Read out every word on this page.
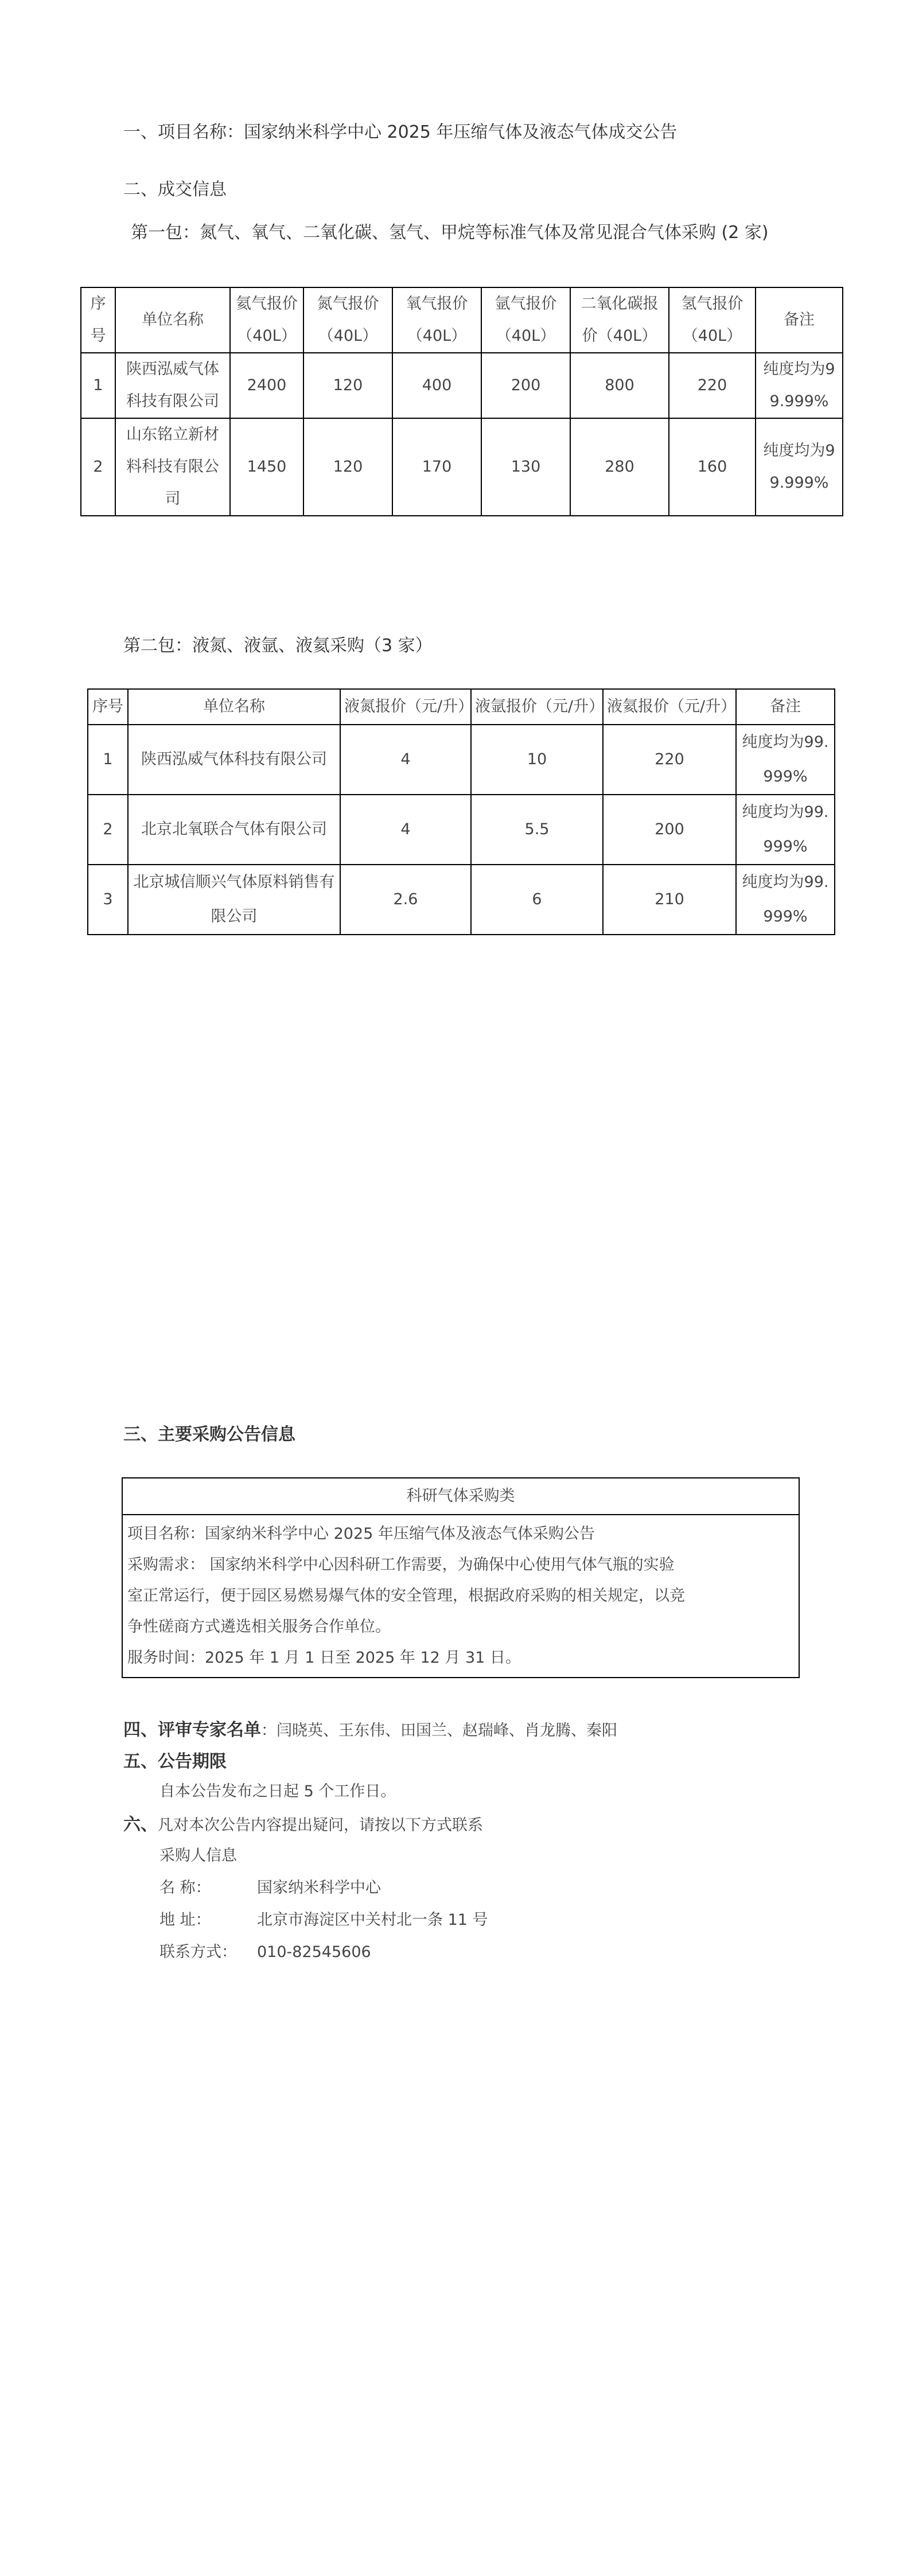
一、项目名称：国家纳米科学中心 2025 年压缩气体及液态气体成交公告
二、成交信息
第一包：氮气、氧气、二氧化碳、氢气、甲烷等标准气体及常见混合气体采购 (2 家)
序号	单位名称	氦气报价（40L）	氮气报价（40L）	氧气报价（40L）	氩气报价（40L）	二氧化碳报价（40L）	氢气报价（40L）	备注
1	陕西泓威气体科技有限公司	2400	120	400	200	800	220	纯度均为99.999%
2	山东铭立新材料科技有限公司	1450	120	170	130	280	160	纯度均为99.999%
第二包：液氮、液氩、液氦采购（3 家）
序号	单位名称	液氮报价（元/升）	液氩报价（元/升）	液氦报价（元/升）	备注
1	陕西泓威气体科技有限公司	4	10	220	纯度均为99.999%
2	北京北氧联合气体有限公司	4	5.5	200	纯度均为99.999%
3	北京城信顺兴气体原料销售有限公司	2.6	6	210	纯度均为99.999%
三、主要采购公告信息
科研气体采购类
项目名称：国家纳米科学中心 2025 年压缩气体及液态气体采购公告
采购需求： 国家纳米科学中心因科研工作需要，为确保中心使用气体气瓶的实验
室正常运行，便于园区易燃易爆气体的安全管理，根据政府采购的相关规定，以竞
争性磋商方式遴选相关服务合作单位。
服务时间：2025 年 1 月 1 日至 2025 年 12 月 31 日。
四、评审专家名单：闫晓英、王东伟、田国兰、赵瑞峰、肖龙腾、秦阳
五、公告期限
自本公告发布之日起 5 个工作日。
六、凡对本次公告内容提出疑问，请按以下方式联系
采购人信息
名 称：	国家纳米科学中心
地 址：	北京市海淀区中关村北一条 11 号
联系方式： 010-82545606
